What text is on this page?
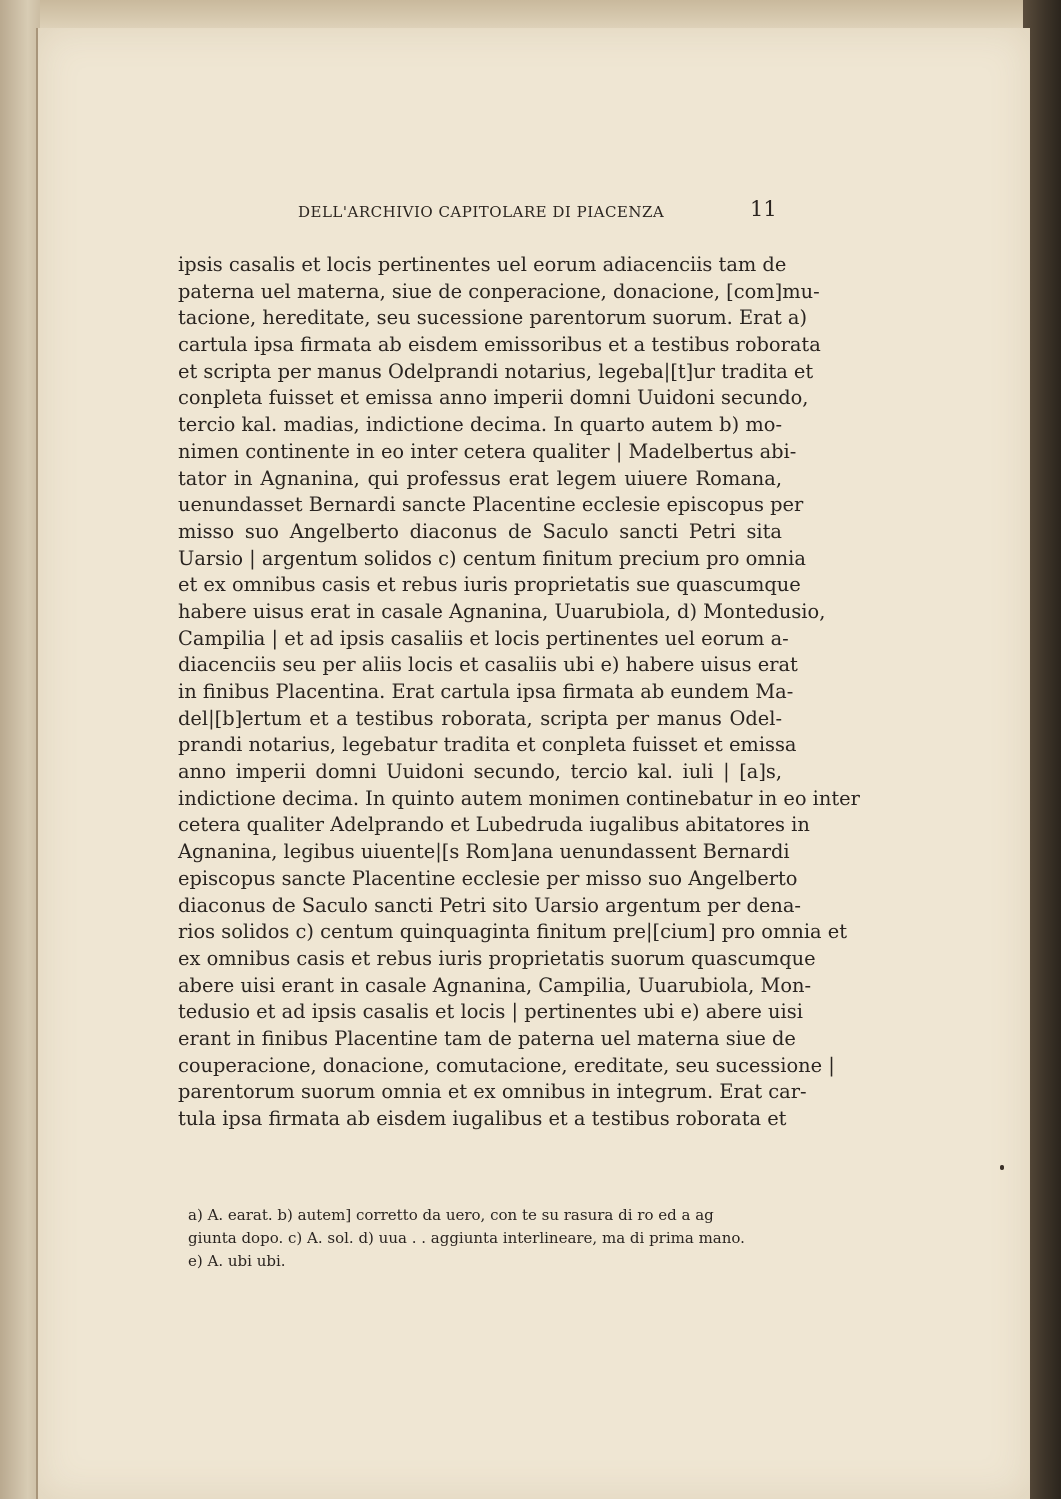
DELL'ARCHIVIO CAPITOLARE DI PIACENZA	11
ipsis casalis et locis pertinentes uel eorum adiacenciis tam de
paterna uel materna, siue de conperacione, donacione, [com]mu-
tacione, hereditate, seu sucessione parentorum suorum. Erat a)
cartula ipsa firmata ab eisdem emissoribus et a testibus roborata
et scripta per manus Odelprandi notarius, legeba|[t]ur tradita et
conpleta fuisset et emissa anno imperii domni Uuidoni secundo,
tercio kal. madias, indictione decima. In quarto autem b) mo-
nimen continente in eo inter cetera qualiter | Madelbertus abi-
tator in Agnanina, qui professus erat legem uiuere Romana,
uenundasset Bernardi sancte Placentine ecclesie episcopus per
misso suo Angelberto diaconus de Saculo sancti Petri sita
Uarsio | argentum solidos c) centum finitum precium pro omnia
et ex omnibus casis et rebus iuris proprietatis sue quascumque
habere uisus erat in casale Agnanina, Uuarubiola, d) Montedusio,
Campilia | et ad ipsis casaliis et locis pertinentes uel eorum a-
diacenciis seu per aliis locis et casaliis ubi e) habere uisus erat
in finibus Placentina. Erat cartula ipsa firmata ab eundem Ma-
del|[b]ertum et a testibus roborata, scripta per manus Odel-
prandi notarius, legebatur tradita et conpleta fuisset et emissa
anno imperii domni Uuidoni secundo, tercio kal. iuli | [a]s,
indictione decima. In quinto autem monimen continebatur in eo inter
cetera qualiter Adelprando et Lubedruda iugalibus abitatores in
Agnanina, legibus uiuente|[s Rom]ana uenundassent Bernardi
episcopus sancte Placentine ecclesie per misso suo Angelberto
diaconus de Saculo sancti Petri sito Uarsio argentum per dena-
rios solidos c) centum quinquaginta finitum pre|[cium] pro omnia et
ex omnibus casis et rebus iuris proprietatis suorum quascumque
abere uisi erant in casale Agnanina, Campilia, Uuarubiola, Mon-
tedusio et ad ipsis casalis et locis | pertinentes ubi e) abere uisi
erant in finibus Placentine tam de paterna uel materna siue de
couperacione, donacione, comutacione, ereditate, seu sucessione |
parentorum suorum omnia et ex omnibus in integrum. Erat car-
tula ipsa firmata ab eisdem iugalibus et a testibus roborata et
a) A. earat. b) autem] corretto da uero, con te su rasura di ro ed a ag
giunta dopo. c) A. sol. d) uua . . aggiunta interlineare, ma di prima mano.
e) A. ubi ubi.
